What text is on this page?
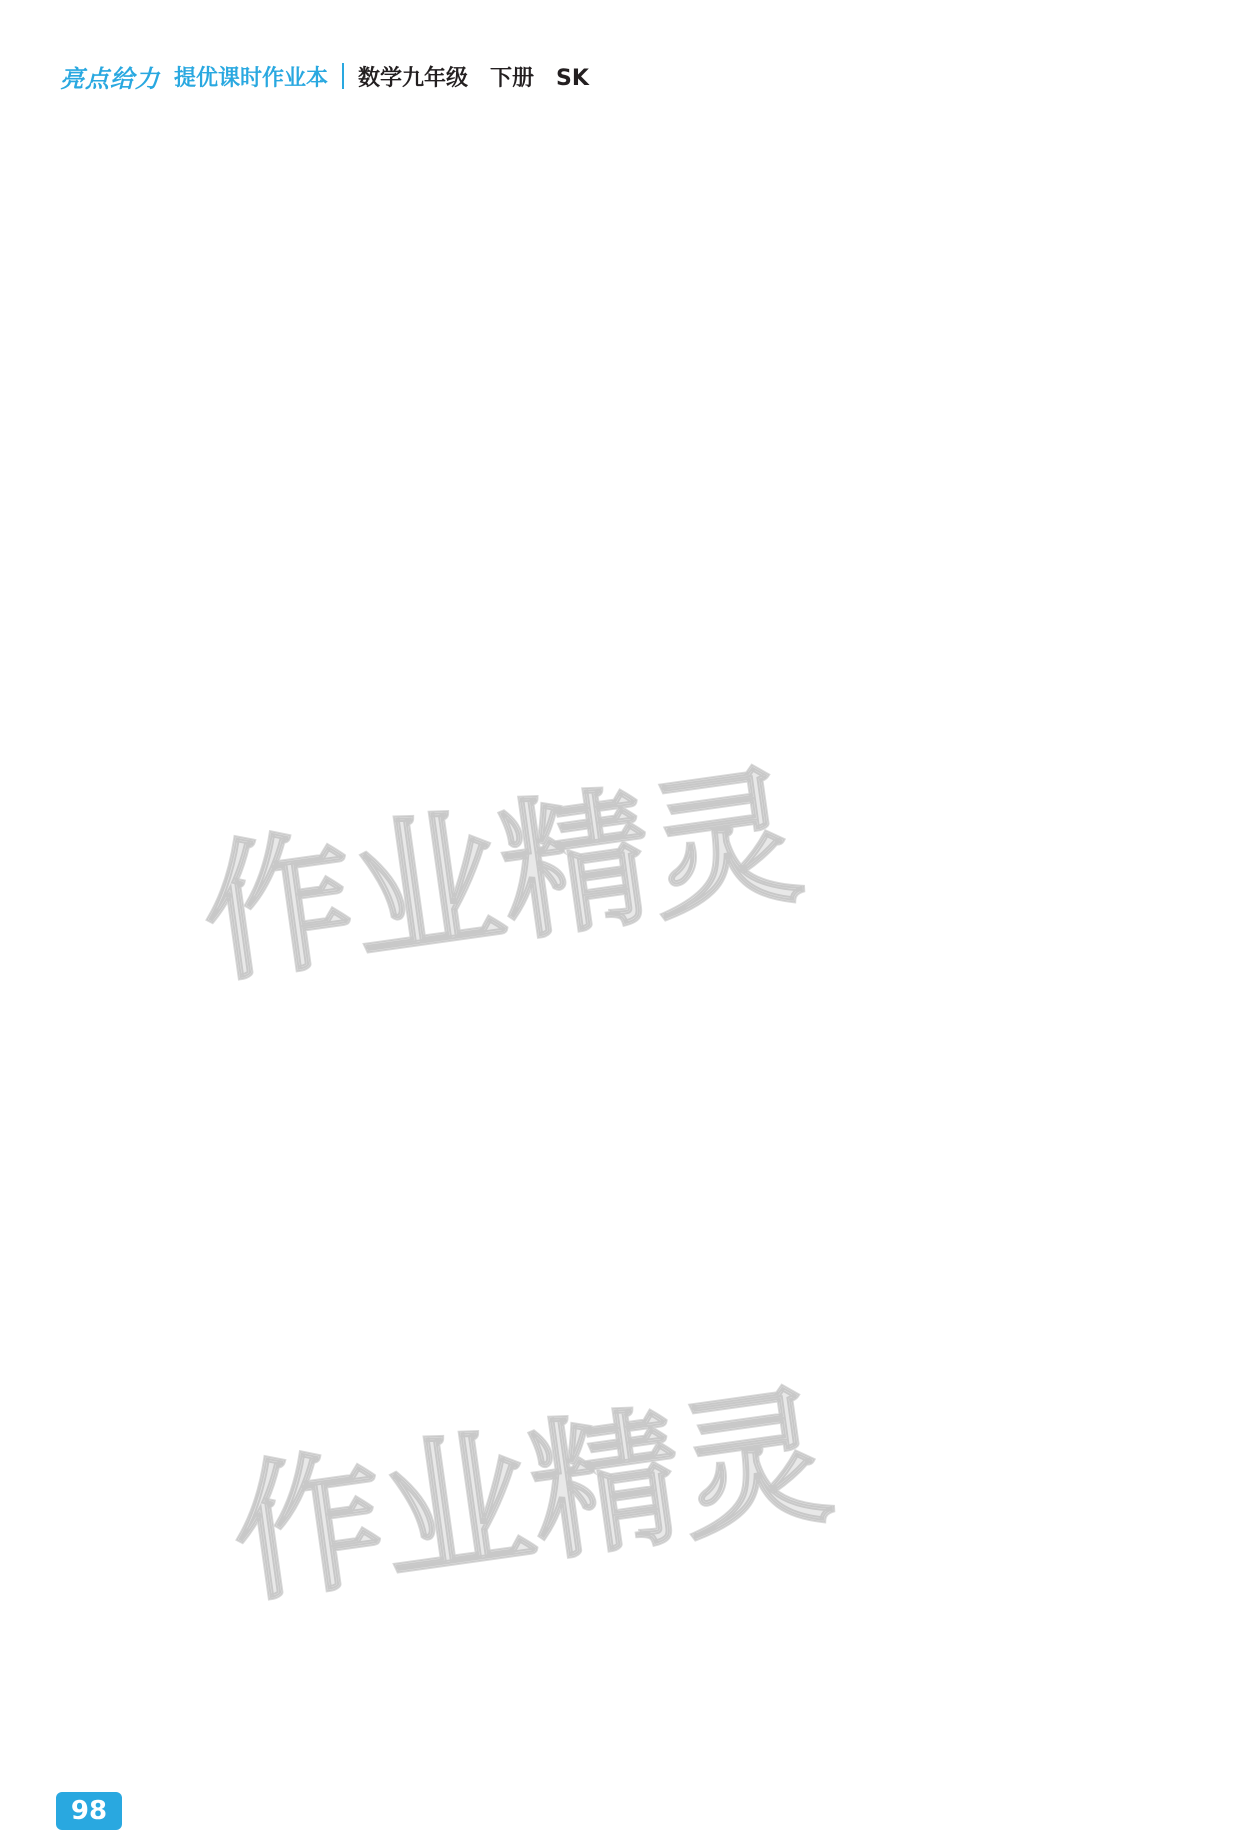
亮点给力 提优课时作业本 数学九年级　下册　SK
作业精灵
作业精灵
98
